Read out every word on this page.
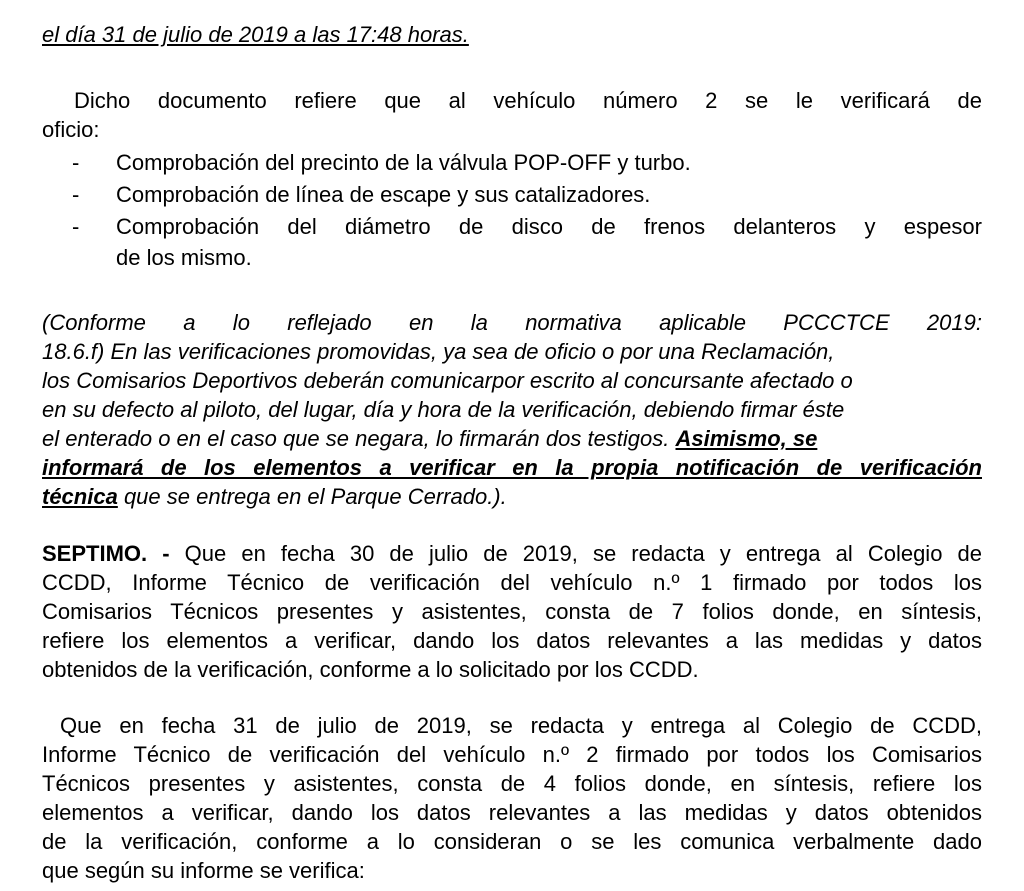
el día 31 de julio de 2019 a las 17:48 horas.
Dicho documento refiere que al vehículo número 2 se le verificará de
oficio:
-	Comprobación del precinto de la válvula POP-OFF y turbo.
-	Comprobación de línea de escape y sus catalizadores.
-	Comprobación del diámetro de disco de frenos delanteros y espesor
de los mismo.
(Conforme a lo reflejado en la normativa aplicable PCCCTCE 2019:
18.6.f) En las verificaciones promovidas, ya sea de oficio o por una Reclamación,
los Comisarios Deportivos deberán comunicarpor escrito al concursante afectado o
en su defecto al piloto, del lugar, día y hora de la verificación, debiendo firmar éste
el enterado o en el caso que se negara, lo firmarán dos testigos. Asimismo, se
informará de los elementos a verificar en la propia notificación de verificación
técnica que se entrega en el Parque Cerrado.).
SEPTIMO. - Que en fecha 30 de julio de 2019, se redacta y entrega al Colegio de
CCDD, Informe Técnico de verificación del vehículo n.º 1 firmado por todos los
Comisarios Técnicos presentes y asistentes, consta de 7 folios donde, en síntesis,
refiere los elementos a verificar, dando los datos relevantes a las medidas y datos
obtenidos de la verificación, conforme a lo solicitado por los CCDD.
Que en fecha 31 de julio de 2019, se redacta y entrega al Colegio de CCDD,
Informe Técnico de verificación del vehículo n.º 2 firmado por todos los Comisarios
Técnicos presentes y asistentes, consta de 4 folios donde, en síntesis, refiere los
elementos a verificar, dando los datos relevantes a las medidas y datos obtenidos
de la verificación, conforme a lo consideran o se les comunica verbalmente dado
que según su informe se verifica:
